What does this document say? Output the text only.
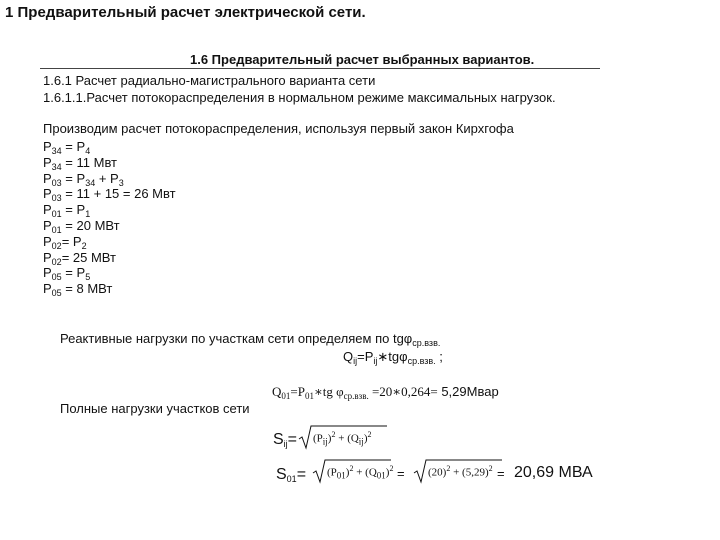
1 Предварительный расчет электрической сети.
1.6 Предварительный расчет выбранных вариантов.
1.6.1 Расчет радиально-магистрального варианта сети
1.6.1.1.Расчет потокораспределения в нормальном режиме максимальных нагрузок.
Производим расчет потокораспределения, используя первый закон Кирхгофа
$P_{34} = P_4$
$P_{34} = 11$ Мвт
$P_{03} = P_{34} + P_3$
$P_{03} = 11 + 15 = 26$ Мвт
$P_{01} = P_1$
$P_{01} = 20$ МВт
$P_{02}= P_2$
$P_{02}= 25$ МВт
$P_{05} = P_5$
$P_{05} = 8$ МВт
Реактивные нагрузки по участкам сети определяем по tgφ$_{ср.взв.}$
$Q_{ij}=P_{ij}∗tg\varphi_{ср.взв.}$ ;
$Q_{01}=P_{01}∗tg$ $\varphi_{ср.взв.}$ =20∗0,264= 5,29Мвар
Полные нагрузки участков сети
$S_{ij}= (P_{ij})^2 + (Q_{ij})^2$
$S_{01}= (P_{01})^2 + (Q_{01})^2 = (20)^2 + (5,29)^2 = 20,69$ МВА
